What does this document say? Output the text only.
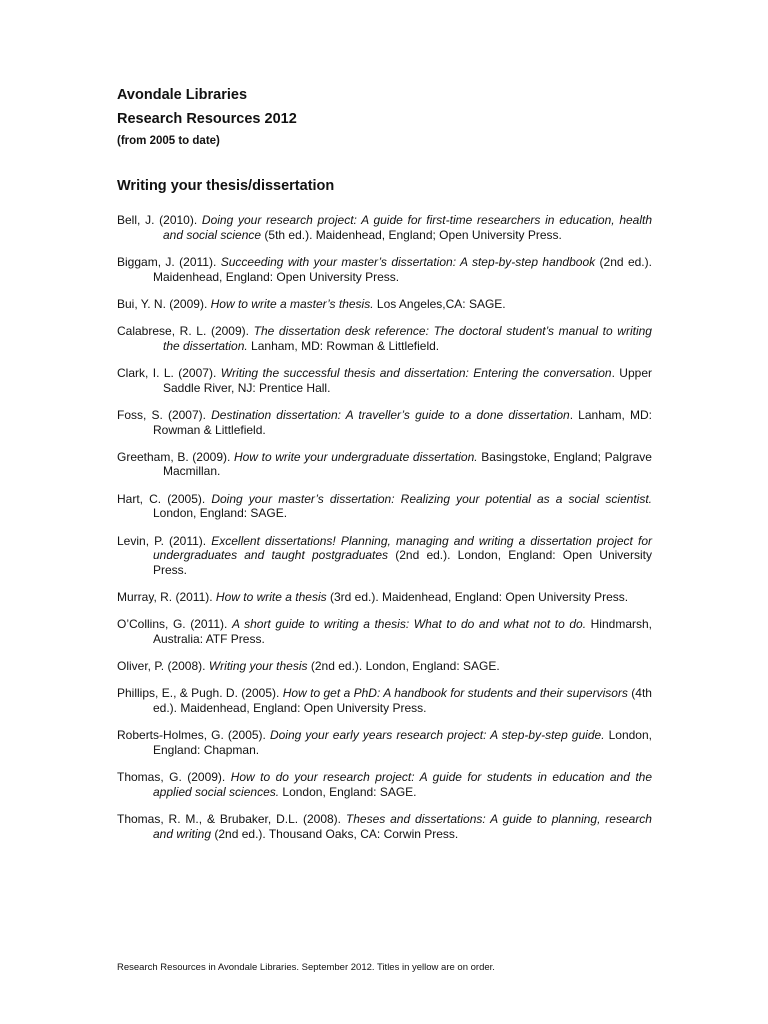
Avondale Libraries

Research Resources 2012

(from 2005 to date)

Writing your thesis/dissertation

Bell, J. (2010). Doing your research project: A guide for first-time researchers in education, health and social science (5th ed.). Maidenhead, England; Open University Press.
Biggam, J. (2011). Succeeding with your master’s dissertation: A step-by-step handbook (2nd ed.). Maidenhead, England: Open University Press.
Bui, Y. N. (2009). How to write a master’s thesis. Los Angeles,CA: SAGE.
Calabrese, R. L. (2009). The dissertation desk reference: The doctoral student’s manual to writing the dissertation. Lanham, MD: Rowman & Littlefield.
Clark, I. L. (2007). Writing the successful thesis and dissertation: Entering the conversation. Upper Saddle River, NJ: Prentice Hall.
Foss, S. (2007). Destination dissertation: A traveller’s guide to a done dissertation. Lanham, MD: Rowman & Littlefield.
Greetham, B. (2009). How to write your undergraduate dissertation. Basingstoke, England; Palgrave Macmillan.
Hart, C. (2005). Doing your master’s dissertation: Realizing your potential as a social scientist. London, England: SAGE.
Levin, P. (2011). Excellent dissertations! Planning, managing and writing a dissertation project for undergraduates and taught postgraduates (2nd ed.). London, England: Open University Press.
Murray, R. (2011). How to write a thesis (3rd ed.). Maidenhead, England: Open University Press.
O’Collins, G. (2011). A short guide to writing a thesis: What to do and what not to do. Hindmarsh, Australia: ATF Press.
Oliver, P. (2008). Writing your thesis (2nd ed.). London, England: SAGE.
Phillips, E., & Pugh. D. (2005). How to get a PhD: A handbook for students and their supervisors (4th ed.). Maidenhead, England: Open University Press.
Roberts-Holmes, G. (2005). Doing your early years research project: A step-by-step guide. London, England: Chapman.
Thomas, G. (2009). How to do your research project: A guide for students in education and the applied social sciences. London, England: SAGE.
Thomas, R. M., & Brubaker, D.L. (2008). Theses and dissertations: A guide to planning, research and writing (2nd ed.). Thousand Oaks, CA: Corwin Press.

Research Resources in Avondale Libraries. September 2012. Titles in yellow are on order.
